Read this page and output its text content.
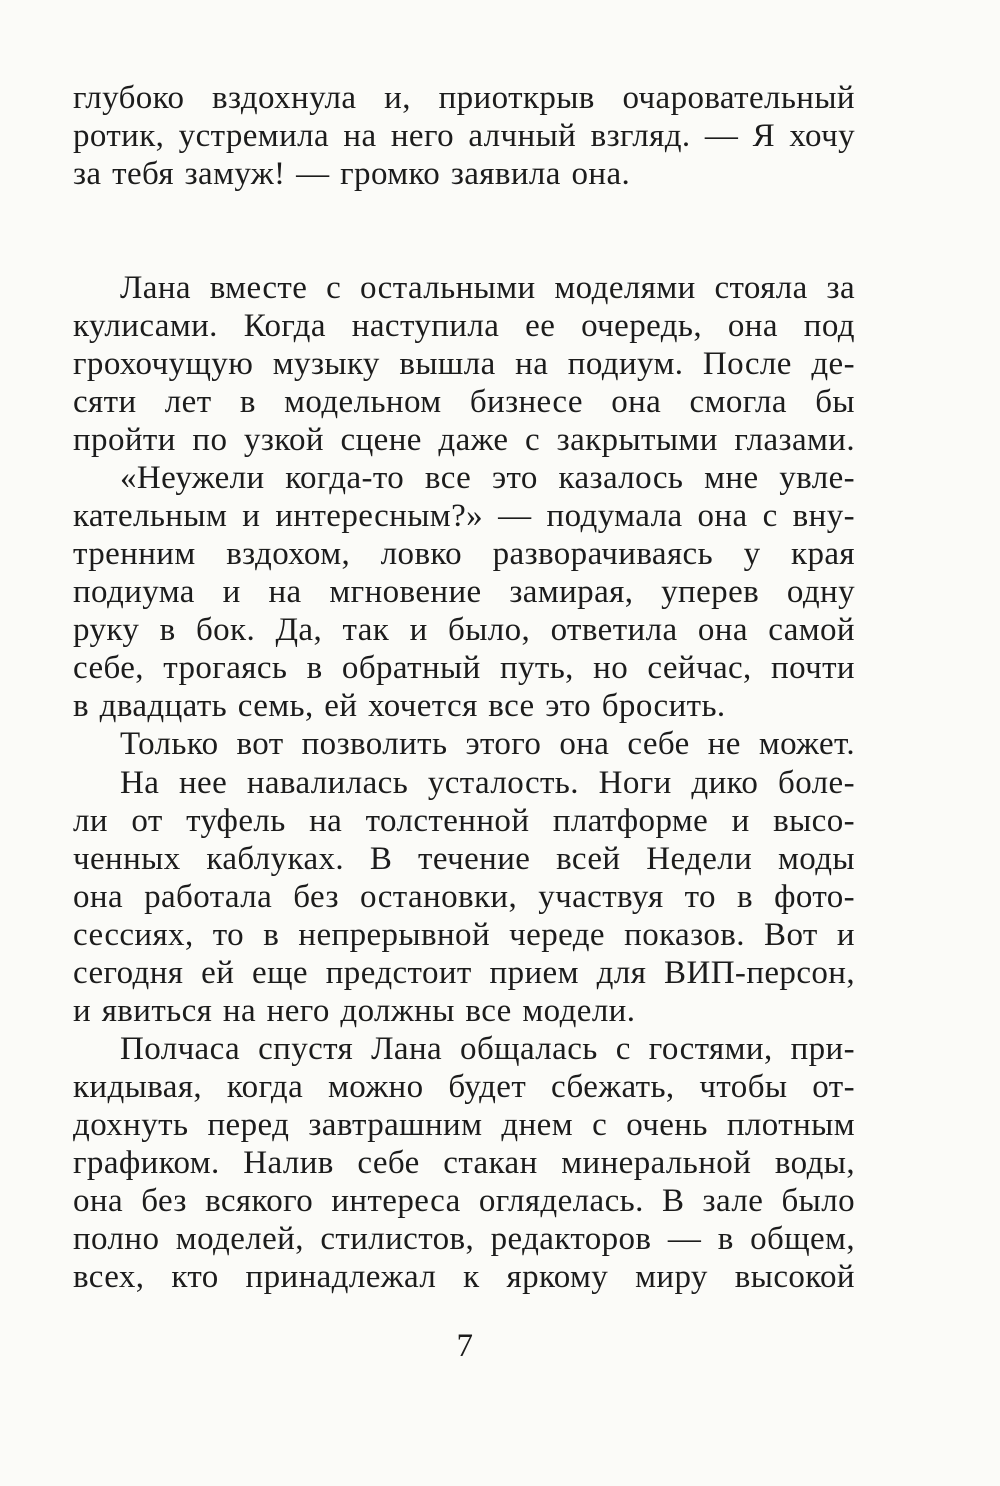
глубоко вздохнула и, приоткрыв очаровательный
ротик, устремила на него алчный взгляд. — Я хочу
за тебя замуж! — громко заявила она.
Лана вместе с остальными моделями стояла за
кулисами. Когда наступила ее очередь, она под
грохочущую музыку вышла на подиум. После де-
сяти лет в модельном бизнесе она смогла бы
пройти по узкой сцене даже с закрытыми глазами.
«Неужели когда-то все это казалось мне увле-
кательным и интересным?» — подумала она с вну-
тренним вздохом, ловко разворачиваясь у края
подиума и на мгновение замирая, уперев одну
руку в бок. Да, так и было, ответила она самой
себе, трогаясь в обратный путь, но сейчас, почти
в двадцать семь, ей хочется все это бросить.
Только вот позволить этого она себе не может.
На нее навалилась усталость. Ноги дико боле-
ли от туфель на толстенной платформе и высо-
ченных каблуках. В течение всей Недели моды
она работала без остановки, участвуя то в фото-
сессиях, то в непрерывной череде показов. Вот и
сегодня ей еще предстоит прием для ВИП-персон,
и явиться на него должны все модели.
Полчаса спустя Лана общалась с гостями, при-
кидывая, когда можно будет сбежать, чтобы от-
дохнуть перед завтрашним днем с очень плотным
графиком. Налив себе стакан минеральной воды,
она без всякого интереса огляделась. В зале было
полно моделей, стилистов, редакторов — в общем,
всех, кто принадлежал к яркому миру высокой
7
